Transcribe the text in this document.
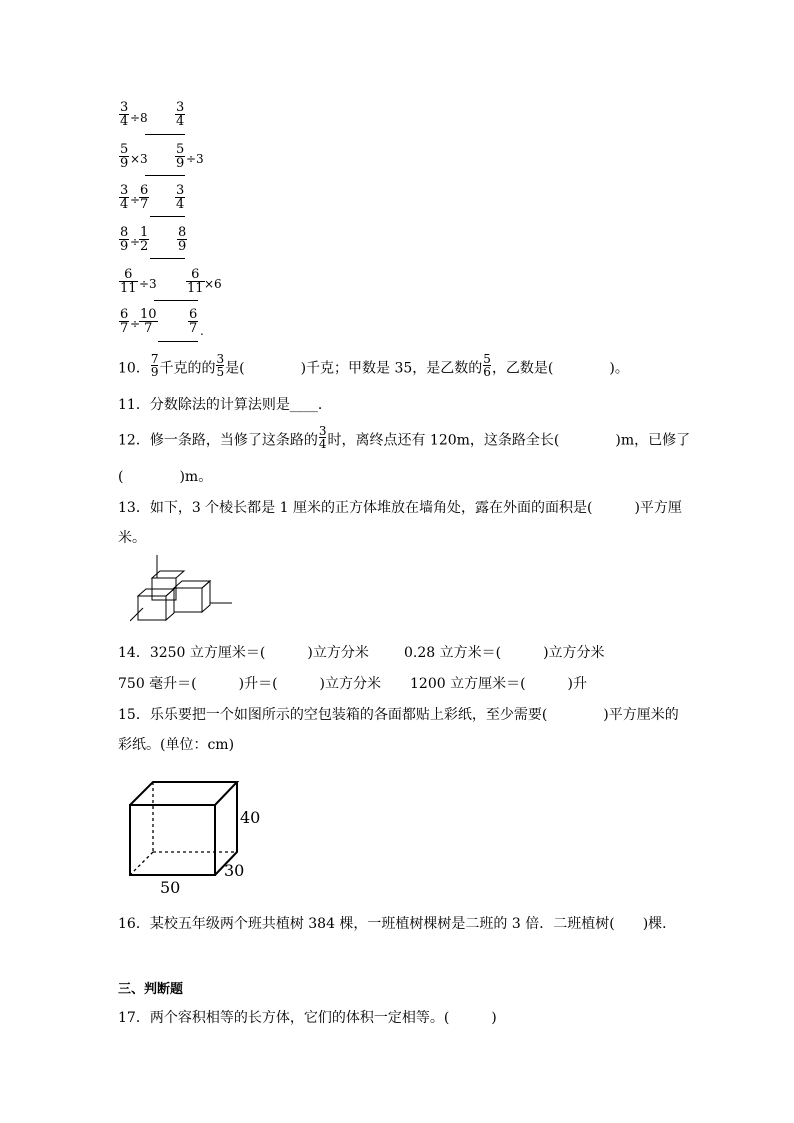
3
4 ÷8
3
4
5
9 ×3
5
9 ÷3
3
4 ÷
6
7
3
4
8
9 ÷
1
2
8
9
6
11 ÷3
6
11 ×6
6
7 ÷
10
7
6
7 .
10． $\frac{7}{9}$ 千克的的 $\frac{3}{5}$ 是(　　　　)千克；甲数是 35，是乙数的 $\frac{5}{6}$ ，乙数是(　　　　)。
11．分数除法的计算法则是____．
12．修一条路，当修了这条路的 $\frac{3}{4}$ 时，离终点还有 120m，这条路全长(　　　　)m，已修了
(　　　　)m。
13．如下，3 个棱长都是 1 厘米的正方体堆放在墙角处，露在外面的面积是(　　　)平方厘
米。
14．3250 立方厘米＝(　　　)立方分米	0.28 立方米＝(　　　)立方分米
750 毫升＝(　　　)升＝(　　　)立方分米 1200 立方厘米＝(　　　)升
15．乐乐要把一个如图所示的空包装箱的各面都贴上彩纸，至少需要(　　　　)平方厘米的
彩纸。(单位：cm)
40
30
50
16．某校五年级两个班共植树 384 棵，一班植树棵树是二班的 3 倍．二班植树(　　)棵．
三、判断题
17．两个容积相等的长方体，它们的体积一定相等。(　　　)
